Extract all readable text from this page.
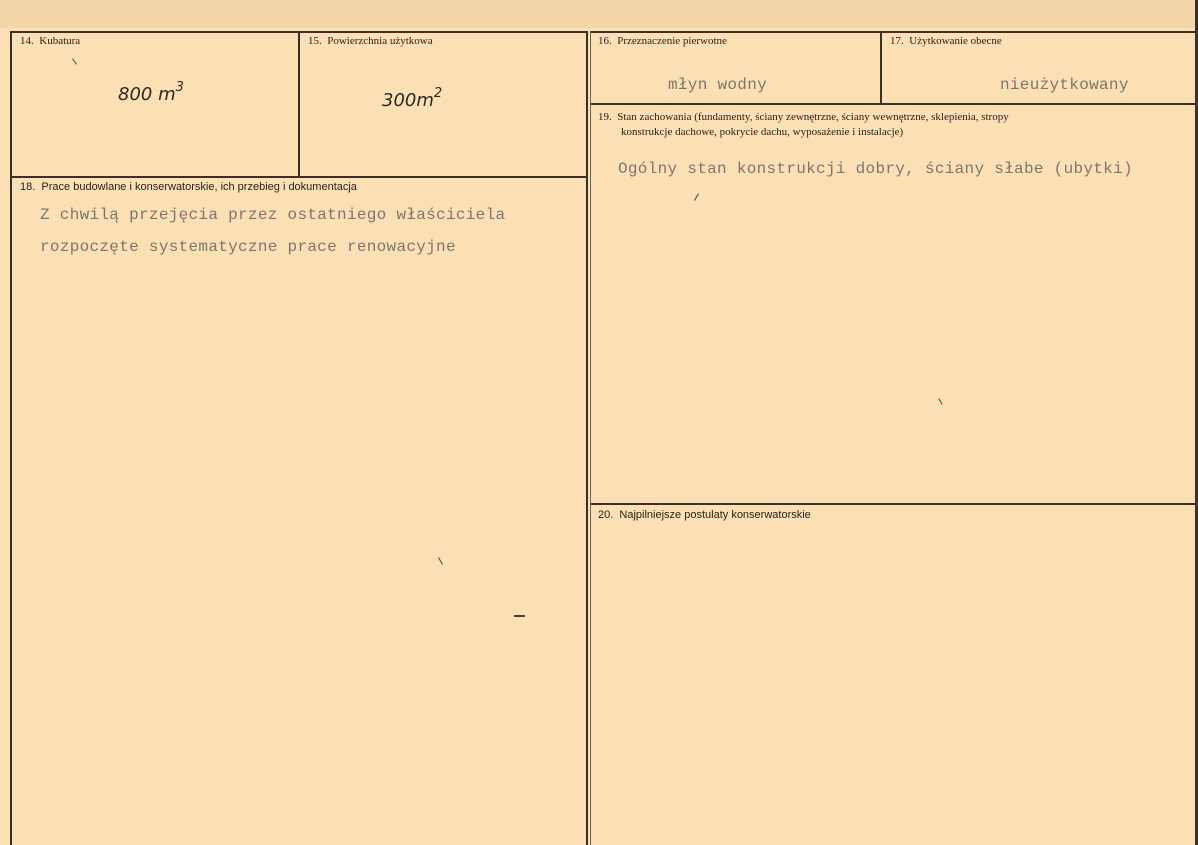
14. Kubatura
800 $m^3$
15. Powierzchnia użytkowa
$300m^2$
16. Przeznaczenie pierwotne
młyn wodny
17. Użytkowanie obecne
nieużytkowany
19. Stan zachowania (fundamenty, ściany zewnętrzne, ściany wewnętrzne, sklepienia, stropy
konstrukcje dachowe, pokrycie dachu, wyposażenie i instalacje)
Ogólny stan konstrukcji dobry, ściany słabe (ubytki)
18. Prace budowlane i konserwatorskie, ich przebieg i dokumentacja
Z chwilą przejęcia przez ostatniego właściciela
rozpoczęte systematyczne prace renowacyjne
20. Najpilniejsze postulaty konserwatorskie
